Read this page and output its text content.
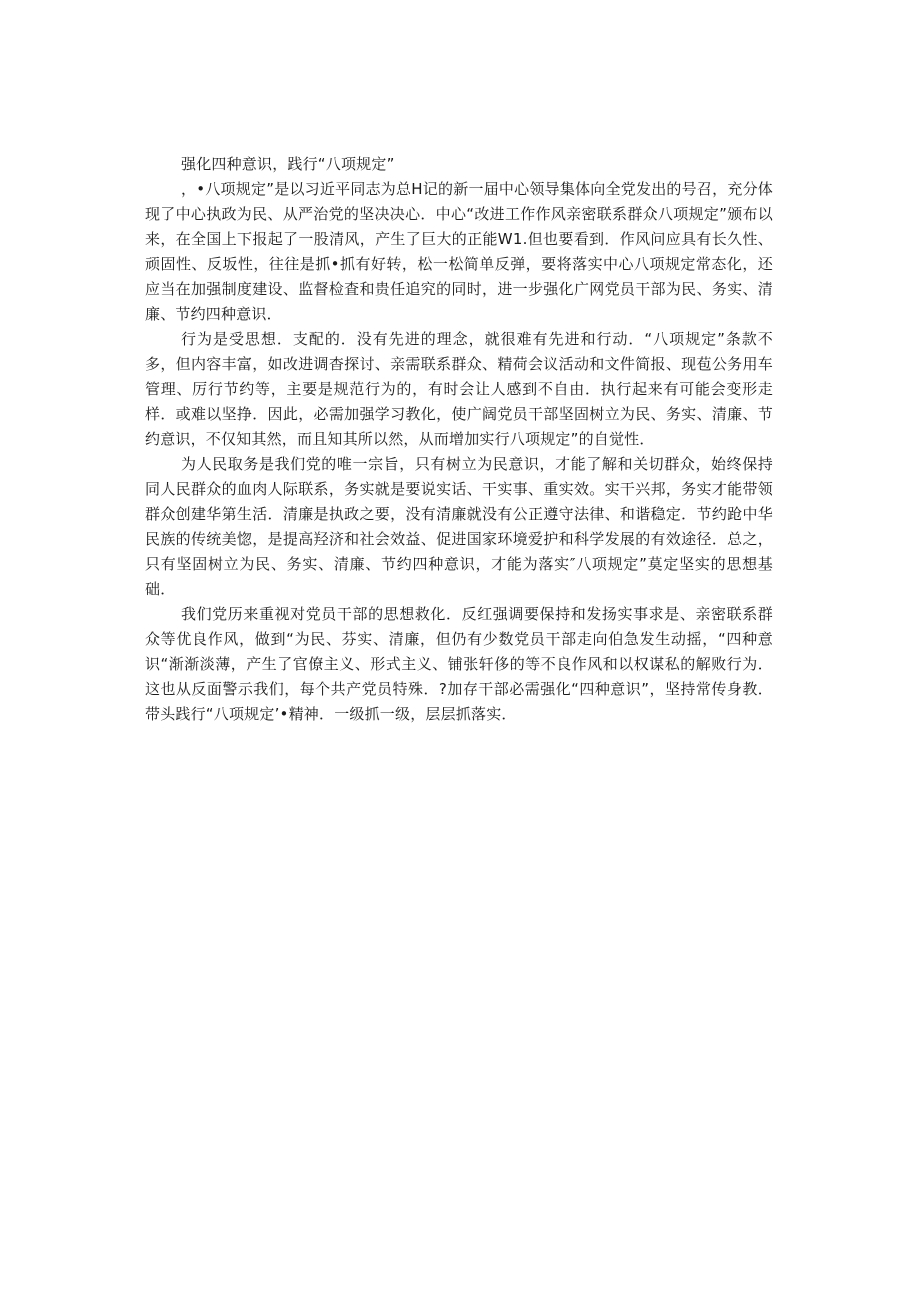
强化四种意识，践行“八项规定”

，•八项规定”是以习近平同志为总H记的新一届中心领导集体向全党发出的号召，充分体现了中心执政为民、从严治党的坚决决心．中心“改进工作作风亲密联系群众八项规定”颁布以来，在全国上下报起了一股清风，产生了巨大的正能W1.但也要看到．作风问应具有长久性、顽固性、反坂性，往往是抓•抓有好转，松一松简单反弹，要将落实中心八项规定常态化，还应当在加强制度建设、监督检査和贵任追究的同时，进一步强化广网党员干部为民、务实、清廉、节约四种意识．

行为是受思想．支配的．没有先进的理念，就很难有先进和行动．“八项规定”条款不多，但内容丰富，如改进调杳探讨、亲需联系群众、精荷会议活动和文件简报、现苞公务用车管理、厉行节约等，主要是规范行为的，有时会让人感到不自由．执行起来有可能会变形走样．或难以坚挣．因此，必需加强学习教化，使广阔党员干部坚固树立为民、务实、清廉、节约意识，不仅知其然，而且知其所以然，从而增加实行八项规定”的自觉性．

为人民取务是我们党的唯一宗旨，只有树立为民意识，才能了解和关切群众，始终保持同人民群众的血肉人际联系，务实就是要说实话、干实事、重实效。实干兴邦，务实才能带领群众创建华第生活．清廉是执政之要，没有清廉就没有公正遵守法律、和谐稳定．节约跄中华民族的传统美惚，是提高羟济和社会效益、促进国家环境爱护和科学发展的有效途径．总之，只有坚固树立为民、务实、清廉、节约四种意识，才能为落实″八项规定”莫定坚实的思想基础．

我们党历来重视对党员干部的思想救化．反红强调要保持和发扬实事求是、亲密联系群众等优良作风，做到“为民、芬实、清廉，但仍有少数党员干部走向伯急发生动摇，“四种意识“渐渐淡薄，产生了官僚主义、形式主义、铺张轩侈的等不良作风和以权谋私的解败行为．这也从反面警示我们，每个共产党员特殊．?加存干部必需强化“四种意识”，坚持常传身教．带头践行“八项规定’•精神．一级抓一级，层层抓落实．
